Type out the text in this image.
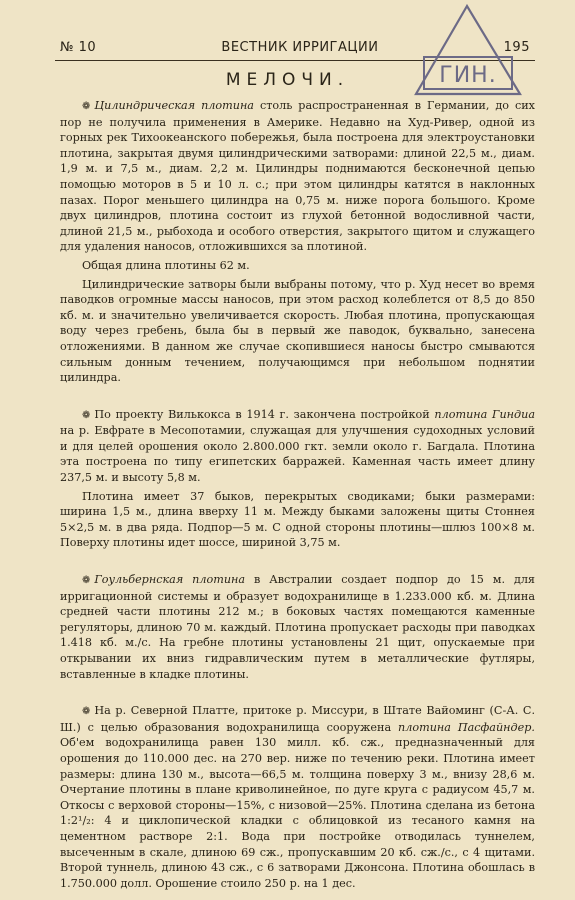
№ 10	ВЕСТНИК ИРРИГАЦИИ	195
ГИН.
МЕЛОЧИ.

❁ Цилиндрическая плотина столь распространенная в Германии, до сих пор не получила применения в Америке. Недавно на Худ-Ривер, одной из горных рек Тихоокеанского побережья, была построена для электроустановки плотина, закрытая двумя цилиндрическими затворами: длиной 22,5 м., диам. 1,9 м. и 7,5 м., диам. 2,2 м. Цилиндры поднимаются бесконечной цепью помощью моторов в 5 и 10 л. с.; при этом цилиндры катятся в наклонных пазах. Порог меньшего цилиндра на 0,75 м. ниже порога большого. Кроме двух цилиндров, плотина состоит из глухой бетонной водосливной части, длиной 21,5 м., рыбохода и особого отверстия, закрытого щитом и служащего для удаления наносов, отложившихся за плотиной.

Общая длина плотины 62 м.

Цилиндрические затворы были выбраны потому, что р. Худ несет во время паводков огромные массы наносов, при этом расход колеблется от 8,5 до 850 кб. м. и значительно увеличивается скорость. Любая плотина, пропускающая воду через гребень, была бы в первый же паводок, буквально, занесена отложениями. В данном же случае скопившиеся наносы быстро смываются сильным донным течением, получающимся при небольшом поднятии цилиндра.

❁ По проекту Вилькокса в 1914 г. закончена постройкой плотина Гиндиа на р. Евфрате в Месопотамии, служащая для улучшения судоходных условий и для целей орошения около 2.800.000 гкт. земли около г. Багдала. Плотина эта построена по типу египетских барражей. Каменная часть имеет длину 237,5 м. и высоту 5,8 м.

Плотина имеет 37 быков, перекрытых сводиками; быки размерами: ширина 1,5 м., длина вверху 11 м. Между быками заложены щиты Стоннея 5×2,5 м. в два ряда. Подпор—5 м. С одной стороны плотины—шлюз 100×8 м. Поверху плотины идет шоссе, шириной 3,75 м.

❁ Гоульбернская плотина в Австралии создает подпор до 15 м. для ирригационной системы и образует водохранилище в 1.233.000 кб. м. Длина средней части плотины 212 м.; в боковых частях помещаются каменные регуляторы, длиною 70 м. каждый. Плотина пропускает расходы при паводках 1.418 кб. м./с. На гребне плотины установлены 21 щит, опускаемые при открывании их вниз гидравлическим путем в металлические футляры, вставленные в кладке плотины.

❁ На р. Северной Платте, притоке р. Миссури, в Штате Вайоминг (С-А. С. Ш.) с целью образования водохранилища сооружена плотина Пасфайндер. Об'ем водохранилища равен 130 милл. кб. сж., предназначенный для орошения до 110.000 дес. на 270 вер. ниже по течению реки. Плотина имеет размеры: длина 130 м., высота—66,5 м. толщина поверху 3 м., внизу 28,6 м. Очертание плотины в плане криволинейное, по дуге круга с радиусом 45,7 м. Откосы с верховой стороны—15%, с низовой—25%. Плотина сделана из бетона 1:2¹/₂: 4 и циклопической кладки с облицовкой из тесаного камня на цементном растворе 2:1. Вода при постройке отводилась туннелем, высеченным в скале, длиною 69 сж., пропускавшим 20 кб. сж./с., с 4 щитами. Второй туннель, длиною 43 сж., с 6 затворами Джонсона. Плотина обошлась в 1.750.000 долл. Орошение стоило 250 р. на 1 дес.
